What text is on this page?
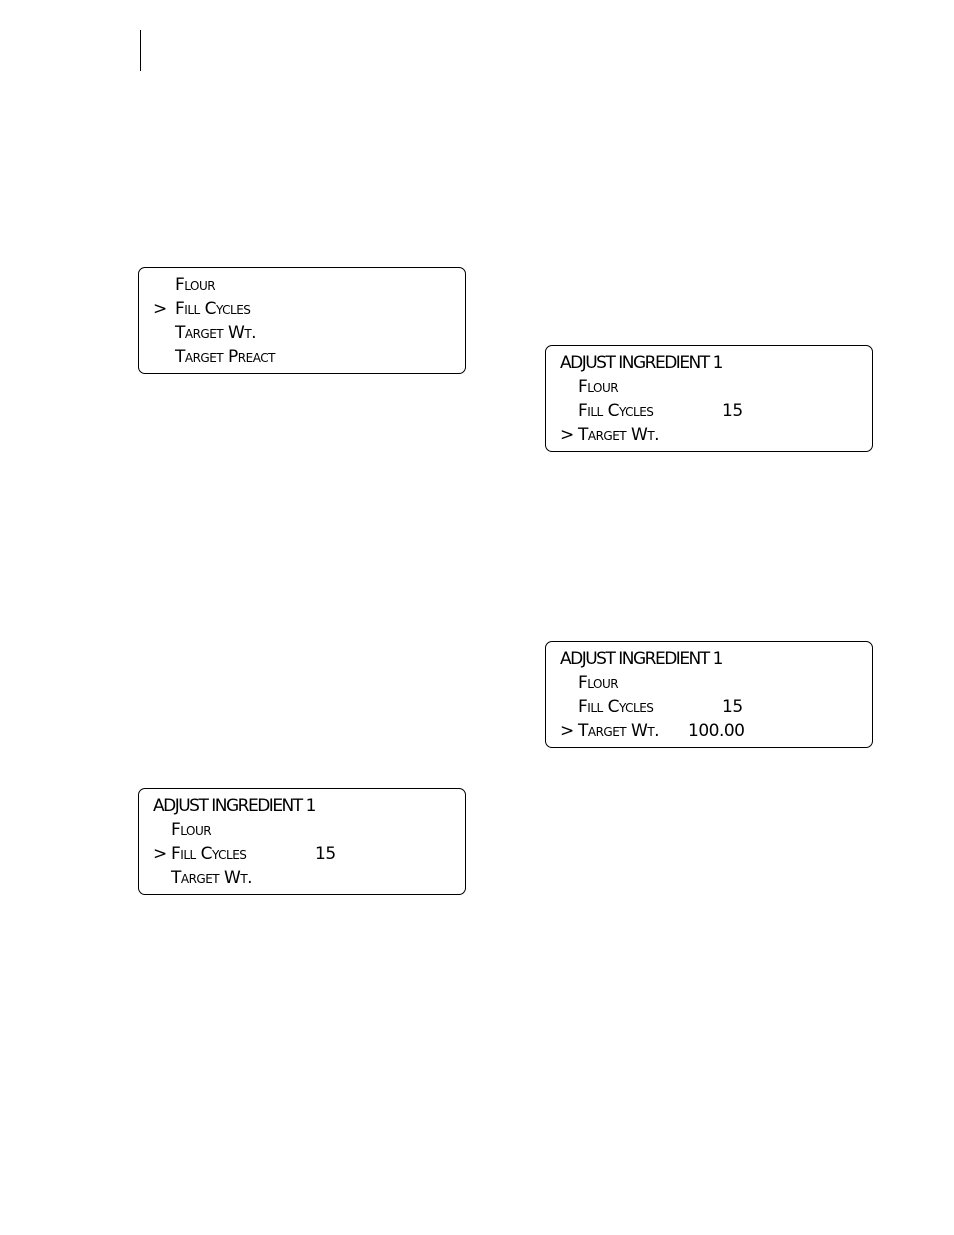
Flour
> Fill Cycles
Target Wt.
Target Preact	ADJUST INGREDIENT 1
Flour
Fill Cycles	15
> Target Wt.
ADJUST INGREDIENT 1
Flour
Fill Cycles	15
> Target Wt. 100.00
ADJUST INGREDIENT 1
Flour
> Fill Cycles	15
Target Wt.
